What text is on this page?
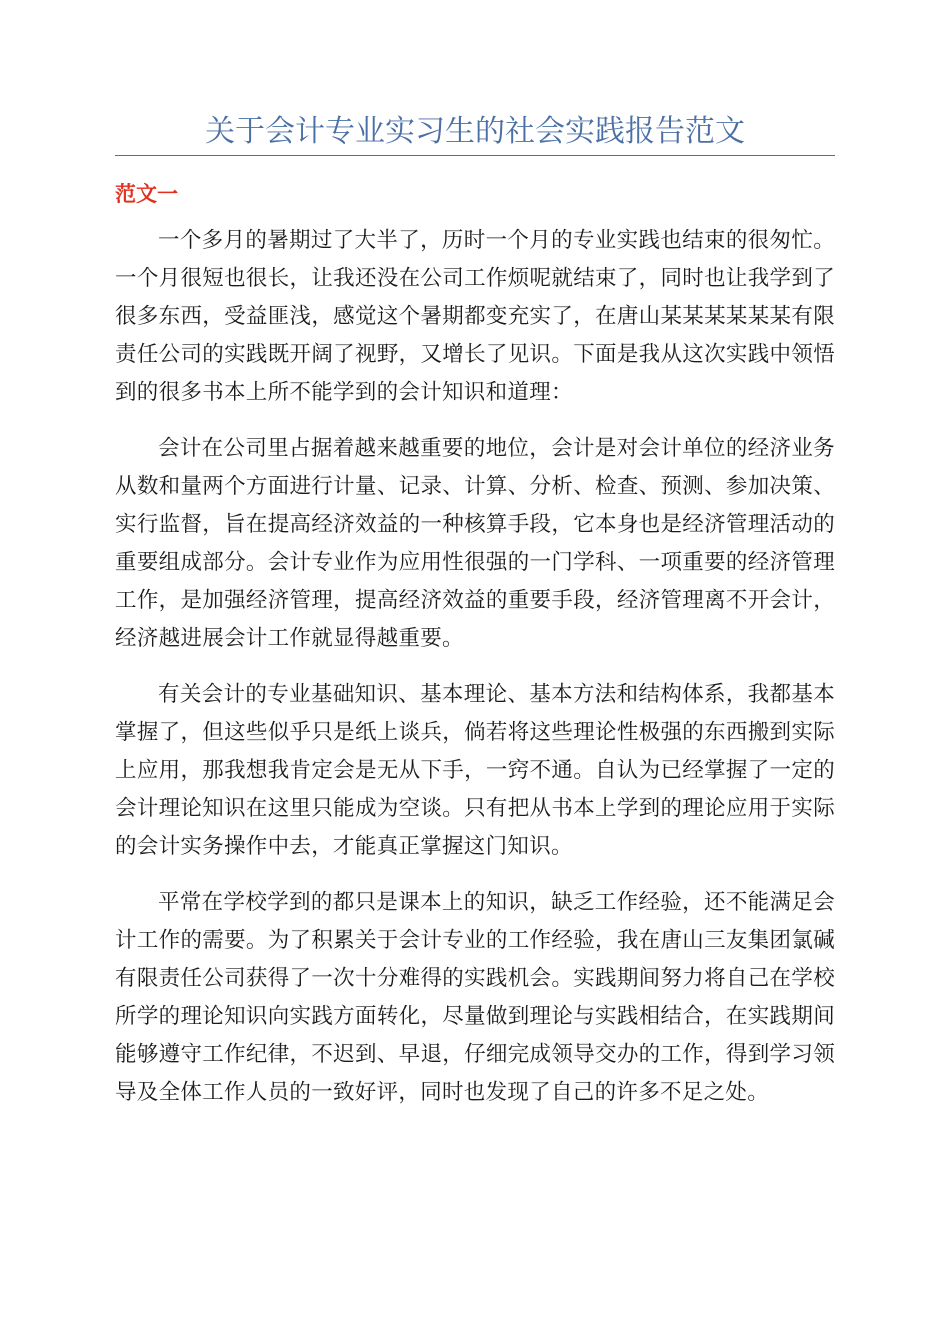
关于会计专业实习生的社会实践报告范文
范文一

一个多月的暑期过了大半了，历时一个月的专业实践也结束的很匆忙。一个月很短也很长，让我还没在公司工作烦呢就结束了，同时也让我学到了很多东西，受益匪浅，感觉这个暑期都变充实了，在唐山某某某某某某有限责任公司的实践既开阔了视野，又增长了见识。下面是我从这次实践中领悟到的很多书本上所不能学到的会计知识和道理：

会计在公司里占据着越来越重要的地位，会计是对会计单位的经济业务从数和量两个方面进行计量、记录、计算、分析、检查、预测、参加决策、实行监督，旨在提高经济效益的一种核算手段，它本身也是经济管理活动的重要组成部分。会计专业作为应用性很强的一门学科、一项重要的经济管理工作，是加强经济管理，提高经济效益的重要手段，经济管理离不开会计，经济越进展会计工作就显得越重要。

有关会计的专业基础知识、基本理论、基本方法和结构体系，我都基本掌握了，但这些似乎只是纸上谈兵，倘若将这些理论性极强的东西搬到实际上应用，那我想我肯定会是无从下手，一窍不通。自认为已经掌握了一定的会计理论知识在这里只能成为空谈。只有把从书本上学到的理论应用于实际的会计实务操作中去，才能真正掌握这门知识。

平常在学校学到的都只是课本上的知识，缺乏工作经验，还不能满足会计工作的需要。为了积累关于会计专业的工作经验，我在唐山三友集团氯碱有限责任公司获得了一次十分难得的实践机会。实践期间努力将自己在学校所学的理论知识向实践方面转化，尽量做到理论与实践相结合，在实践期间能够遵守工作纪律，不迟到、早退，仔细完成领导交办的工作，得到学习领导及全体工作人员的一致好评，同时也发现了自己的许多不足之处。
